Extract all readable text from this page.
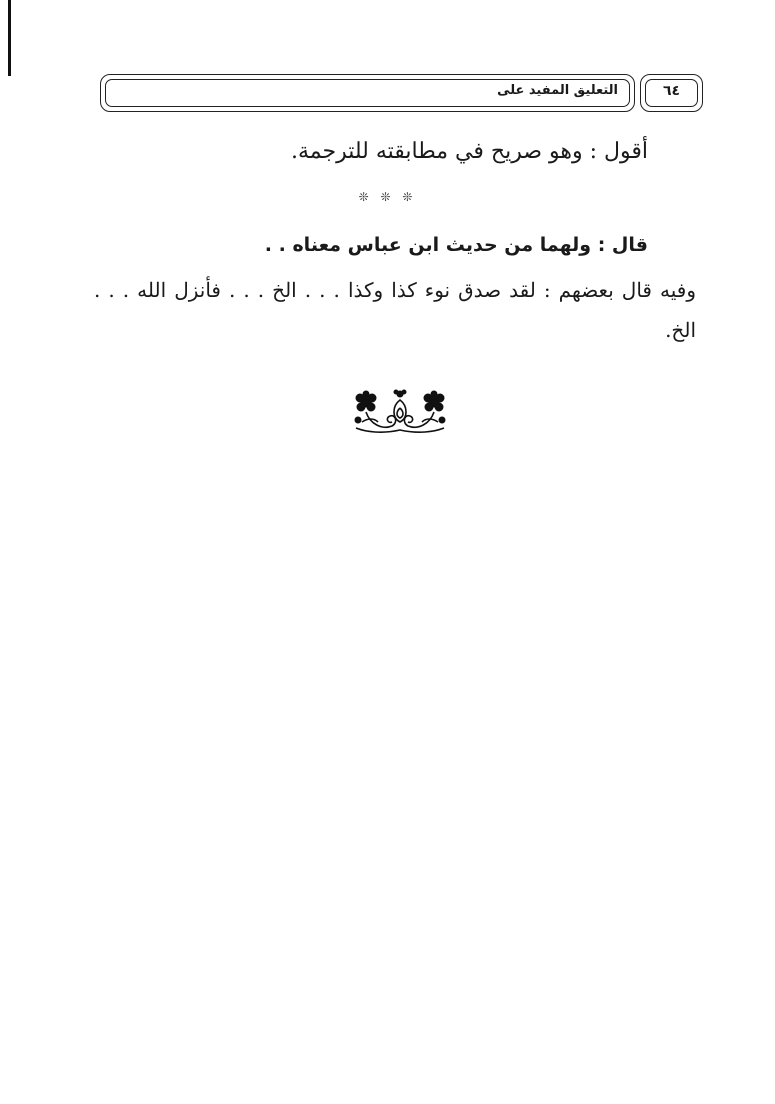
التعليق المفيد على	٦٤
أقول : وهو صريح في مطابقته للترجمة.
❊ ❊ ❊
قال : ولهما من حديث ابن عباس معناه . .
وفيه قال بعضهم : لقد صدق نوء كذا وكذا . . . الخ . . . فأنزل الله . . . الخ.
